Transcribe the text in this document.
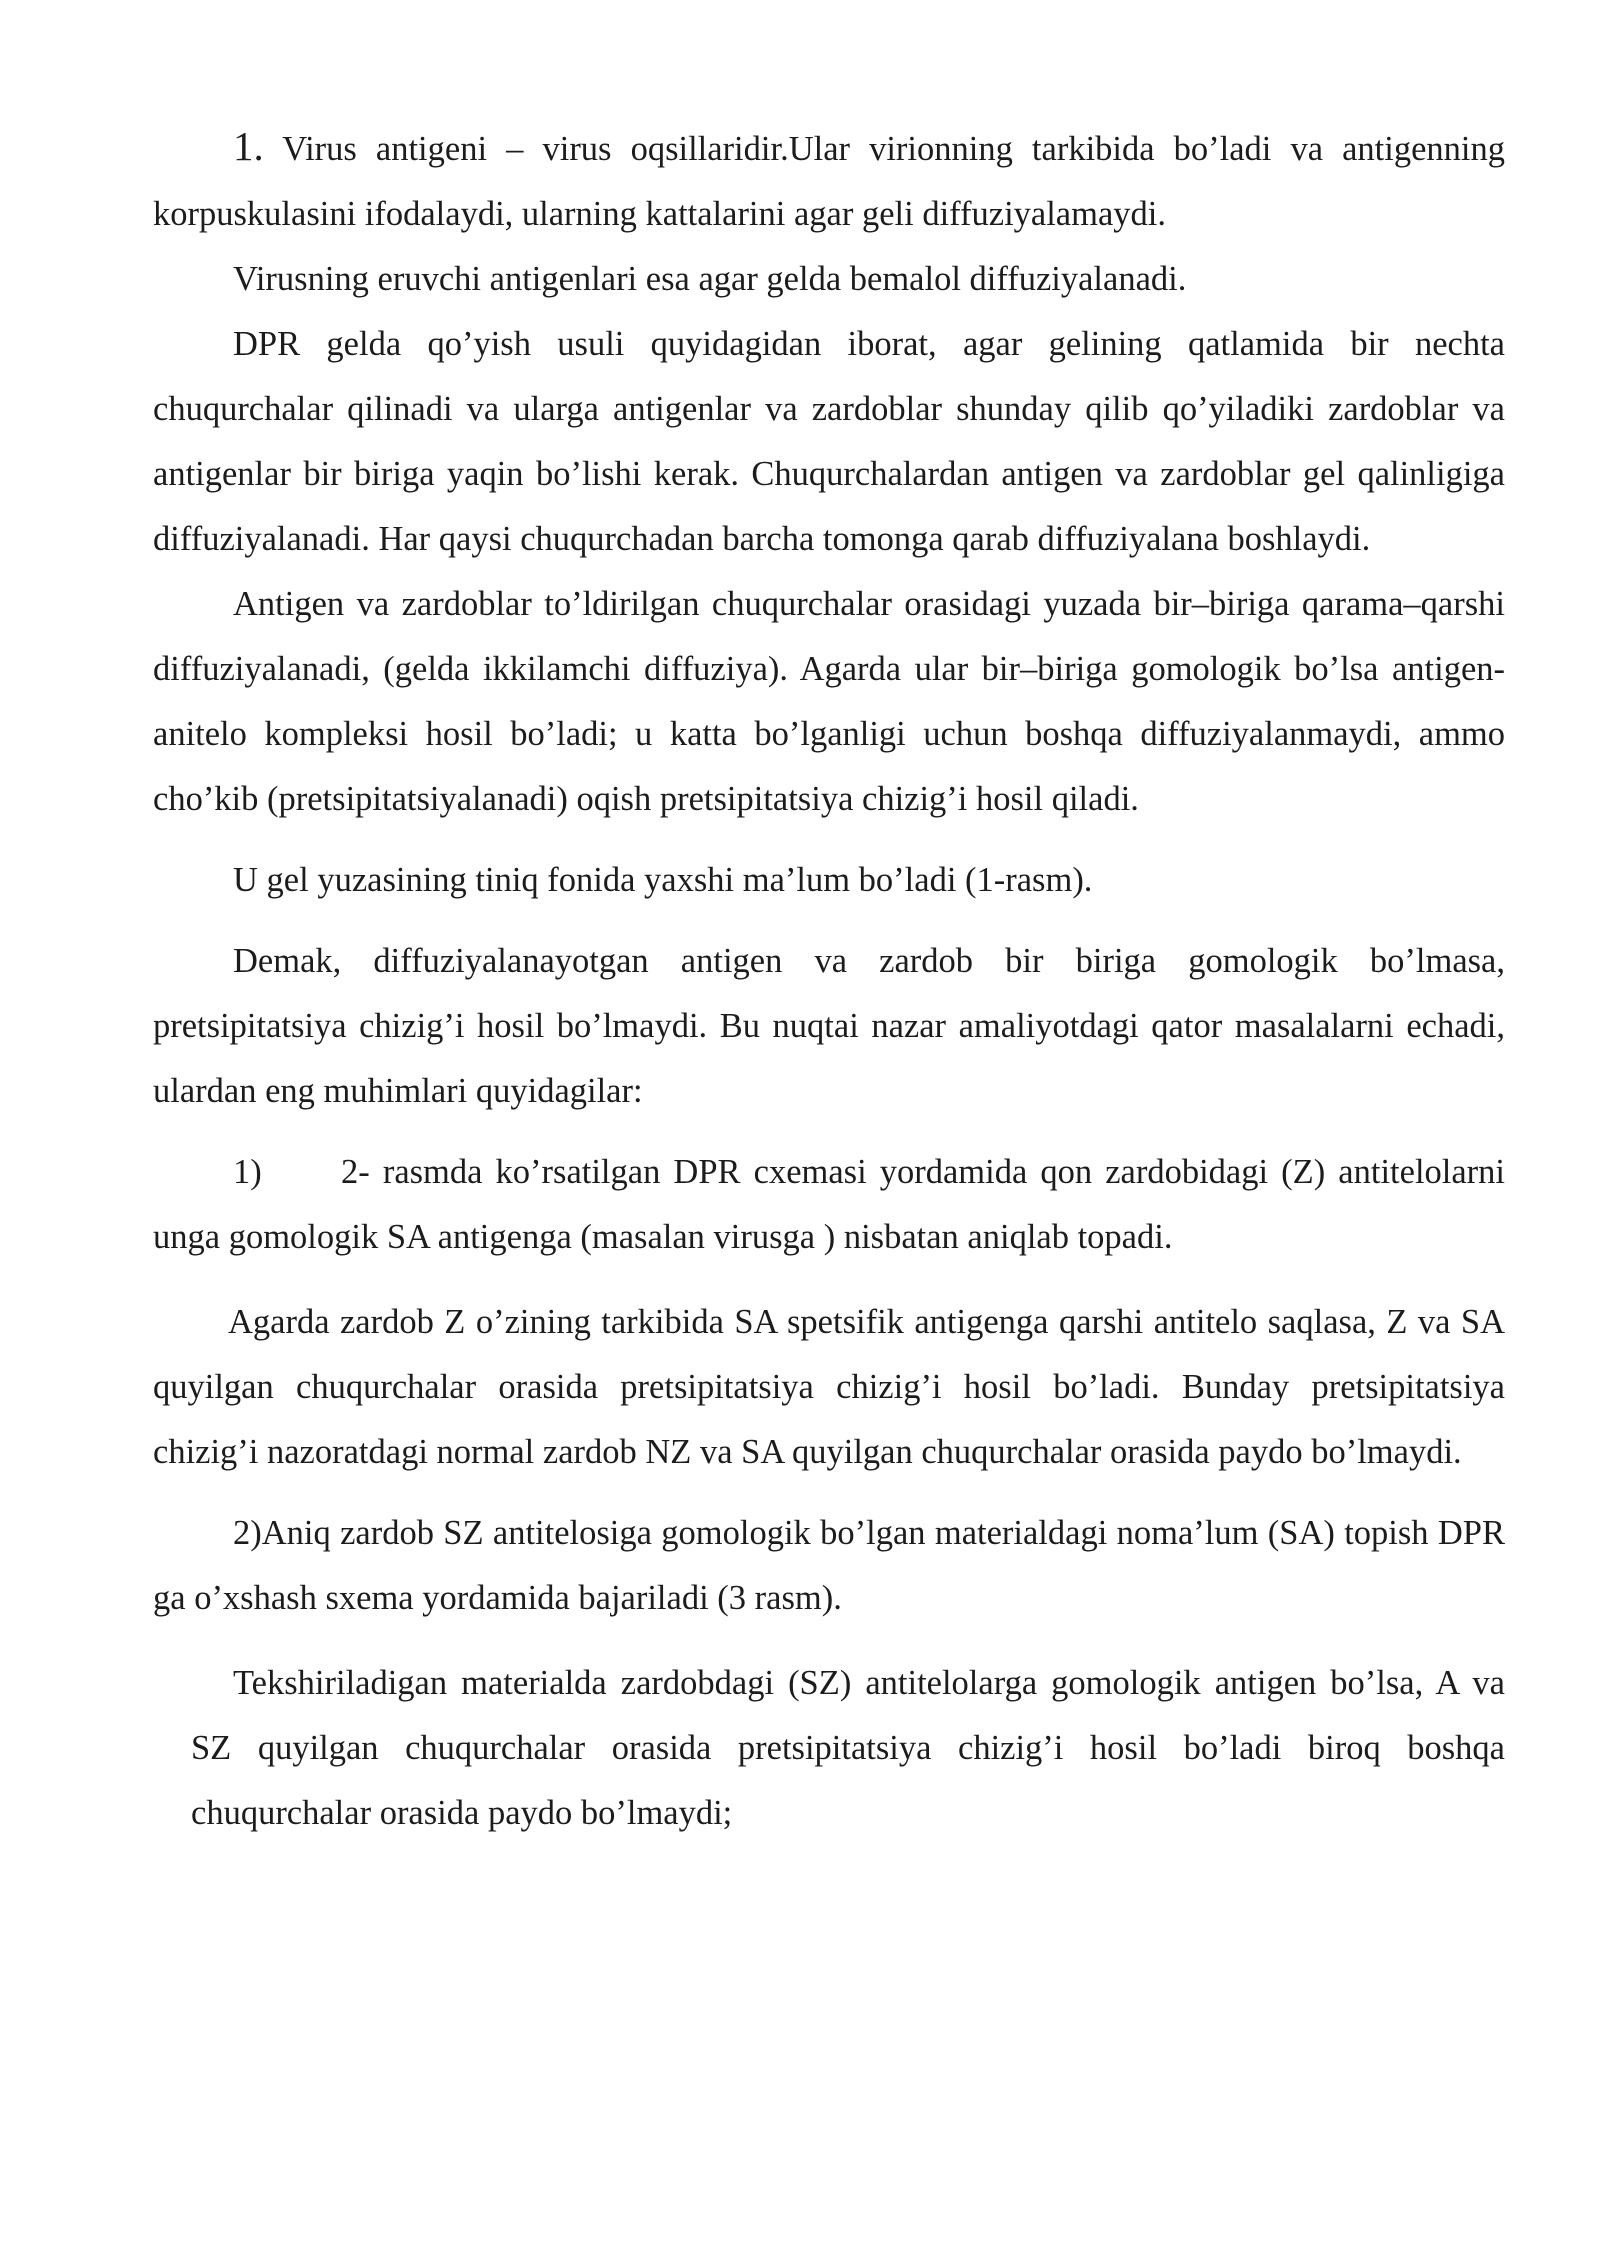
1. Virus antigeni – virus oqsillaridir.Ular virionning tarkibida bo’ladi va antigenning korpuskulasini ifodalaydi, ularning kattalarini agar geli diffuziyalamaydi.

Virusning eruvchi antigenlari esa agar gelda bemalol diffuziyalanadi.

DPR gelda qo’yish usuli quyidagidan iborat, agar gelining qatlamida bir nechta chuqurchalar qilinadi va ularga antigenlar va zardoblar shunday qilib qo’yiladiki zardoblar va antigenlar bir biriga yaqin bo’lishi kerak. Chuqurchalardan antigen va zardoblar gel qalinligiga diffuziyalanadi. Har qaysi chuqurchadan barcha tomonga qarab diffuziyalana boshlaydi.

Antigen va zardoblar to’ldirilgan chuqurchalar orasidagi yuzada bir–biriga qarama–qarshi diffuziyalanadi, (gelda ikkilamchi diffuziya). Agarda ular bir–biriga gomologik bo’lsa antigen- anitelo kompleksi hosil bo’ladi; u katta bo’lganligi uchun boshqa diffuziyalanmaydi, ammo cho’kib (pretsipitatsiyalanadi) oqish pretsipitatsiya chizig’i hosil qiladi.

U gel yuzasining tiniq fonida yaxshi ma’lum bo’ladi (1-rasm).

Demak, diffuziyalanayotgan antigen va zardob bir biriga gomologik bo’lmasa, pretsipitatsiya chizig’i hosil bo’lmaydi. Bu nuqtai nazar amaliyotdagi qator masalalarni echadi, ulardan eng muhimlari quyidagilar:

1) 2- rasmda ko’rsatilgan DPR cxemasi yordamida qon zardobidagi (Z) antitelolarni unga gomologik SA antigenga (masalan virusga ) nisbatan aniqlab topadi.

Agarda zardob Z o’zining tarkibida SA spetsifik antigenga qarshi antitelo saqlasa, Z va SA quyilgan chuqurchalar orasida pretsipitatsiya chizig’i hosil bo’ladi. Bunday pretsipitatsiya chizig’i nazoratdagi normal zardob NZ va SA quyilgan chuqurchalar orasida paydo bo’lmaydi.

2)Aniq zardob SZ antitelosiga gomologik bo’lgan materialdagi noma’lum (SA) topish DPR ga o’xshash sxema yordamida bajariladi (3 rasm).

Tekshiriladigan materialda zardobdagi (SZ) antitelolarga gomologik antigen bo’lsa, A va SZ quyilgan chuqurchalar orasida pretsipitatsiya chizig’i hosil bo’ladi biroq boshqa chuqurchalar orasida paydo bo’lmaydi;
